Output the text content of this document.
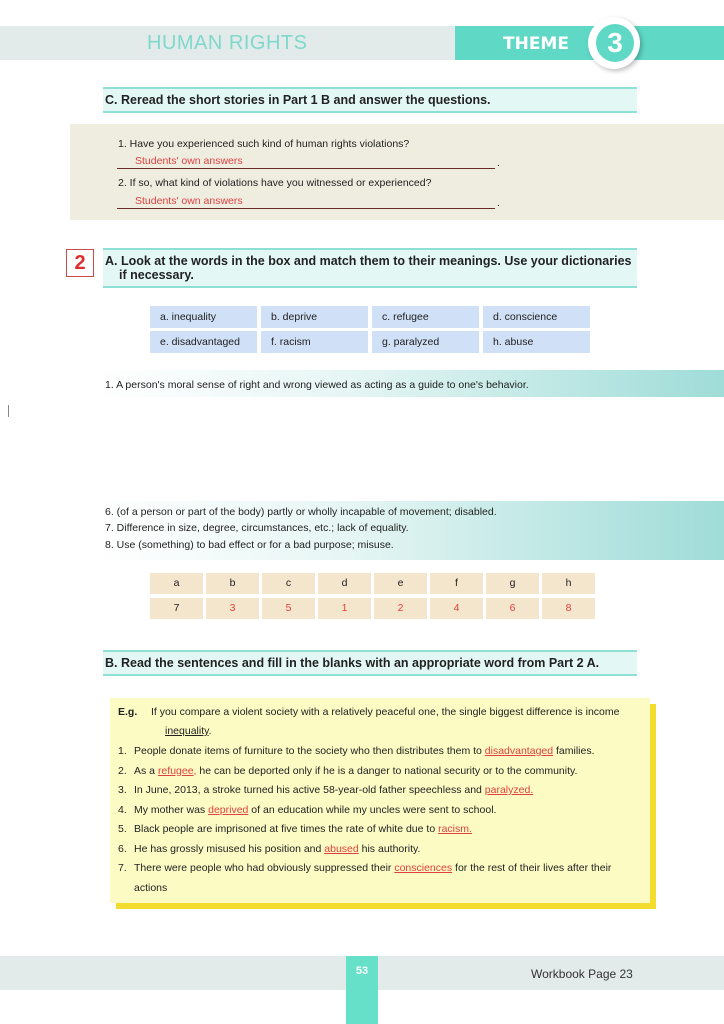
HUMAN RIGHTS	THEME	3
C. Reread the short stories in Part 1 B and answer the questions.
1. Have you experienced such kind of human rights violations?
Students' own answers	.
2. If so, what kind of violations have you witnessed or experienced?
Students' own answers	.
2	A. Look at the words in the box and match them to their meanings. Use your dictionaries if necessary.
a. inequality	b. deprive	c. refugee	d. conscience
e. disadvantaged	f. racism	g. paralyzed	h. abuse
1. A person's moral sense of right and wrong viewed as acting as a guide to one's behavior.
6. (of a person or part of the body) partly or wholly incapable of movement; disabled.
7. Difference in size, degree, circumstances, etc.; lack of equality.
8. Use (something) to bad effect or for a bad purpose; misuse.
a	b	c	d	e	f	g	h
7	3	5	1	2	4	6	8
B. Read the sentences and fill in the blanks with an appropriate word from Part 2 A.
E.g. If you compare a violent society with a relatively peaceful one, the single biggest difference is income
inequality.
1. People donate items of furniture to the society who then distributes them to disadvantaged families.
2. As a refugee, he can be deported only if he is a danger to national security or to the community.
3. In June, 2013, a stroke turned his active 58-year-old father speechless and paralyzed.
4. My mother was deprived of an education while my uncles were sent to school.
5. Black people are imprisoned at five times the rate of white due to racism.
6. He has grossly misused his position and abused his authority.
7. There were people who had obviously suppressed their consciences for the rest of their lives after their
actions
53	Workbook Page 23
